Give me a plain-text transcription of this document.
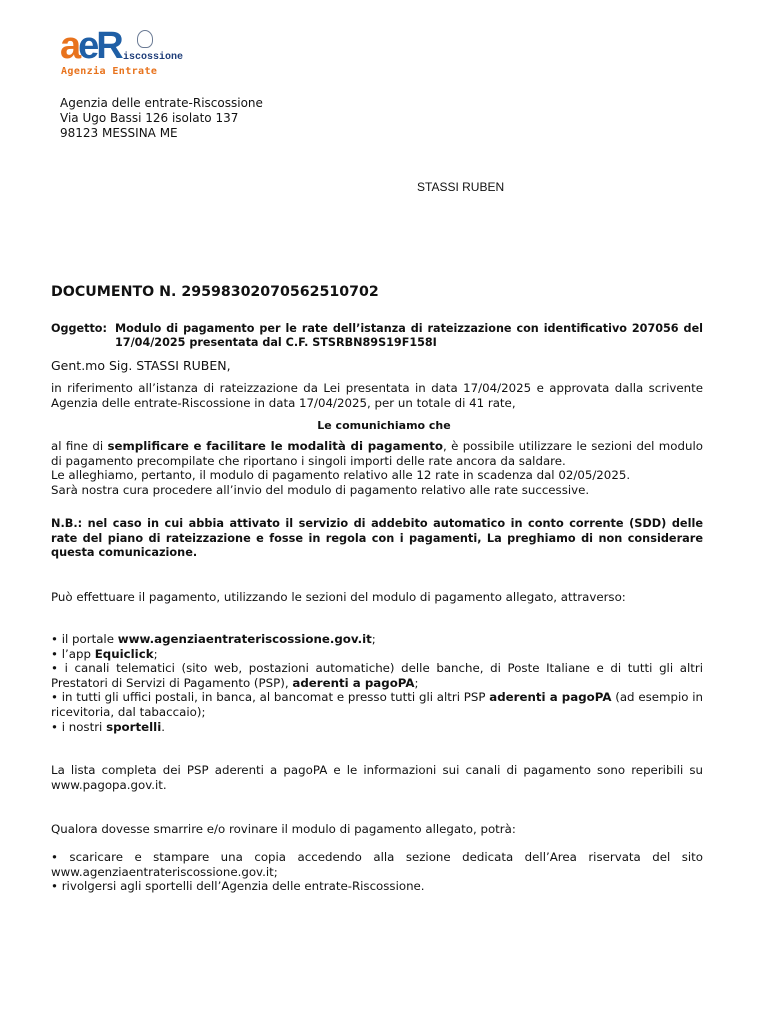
aeR iscossione
Agenzia Entrate
Agenzia delle entrate-Riscossione
Via Ugo Bassi 126 isolato 137
98123 MESSINA ME
STASSI RUBEN
DOCUMENTO N. 29598302070562510702
Oggetto: Modulo di pagamento per le rate dell’istanza di rateizzazione con identificativo 207056 del
17/04/2025 presentata dal C.F. STSRBN89S19F158I
Gent.mo Sig. STASSI RUBEN,
in riferimento all’istanza di rateizzazione da Lei presentata in data 17/04/2025 e approvata dalla scrivente Agenzia delle entrate-Riscossione in data 17/04/2025, per un totale di 41 rate,
Le comunichiamo che
al fine di semplificare e facilitare le modalità di pagamento, è possibile utilizzare le sezioni del modulo di pagamento precompilate che riportano i singoli importi delle rate ancora da saldare.
Le alleghiamo, pertanto, il modulo di pagamento relativo alle 12 rate in scadenza dal 02/05/2025.
Sarà nostra cura procedere all’invio del modulo di pagamento relativo alle rate successive.
N.B.: nel caso in cui abbia attivato il servizio di addebito automatico in conto corrente (SDD) delle rate del piano di rateizzazione e fosse in regola con i pagamenti, La preghiamo di non considerare questa comunicazione.
Può effettuare il pagamento, utilizzando le sezioni del modulo di pagamento allegato, attraverso:
• il portale www.agenziaentrateriscossione.gov.it;
• l’app Equiclick;
• i canali telematici (sito web, postazioni automatiche) delle banche, di Poste Italiane e di tutti gli altri Prestatori di Servizi di Pagamento (PSP), aderenti a pagoPA;
• in tutti gli uffici postali, in banca, al bancomat e presso tutti gli altri PSP aderenti a pagoPA (ad esempio in ricevitoria, dal tabaccaio);
• i nostri sportelli.
La lista completa dei PSP aderenti a pagoPA e le informazioni sui canali di pagamento sono reperibili su www.pagopa.gov.it.
Qualora dovesse smarrire e/o rovinare il modulo di pagamento allegato, potrà:
• scaricare e stampare una copia accedendo alla sezione dedicata dell’Area riservata del sito www.agenziaentrateriscossione.gov.it;
• rivolgersi agli sportelli dell’Agenzia delle entrate-Riscossione.
